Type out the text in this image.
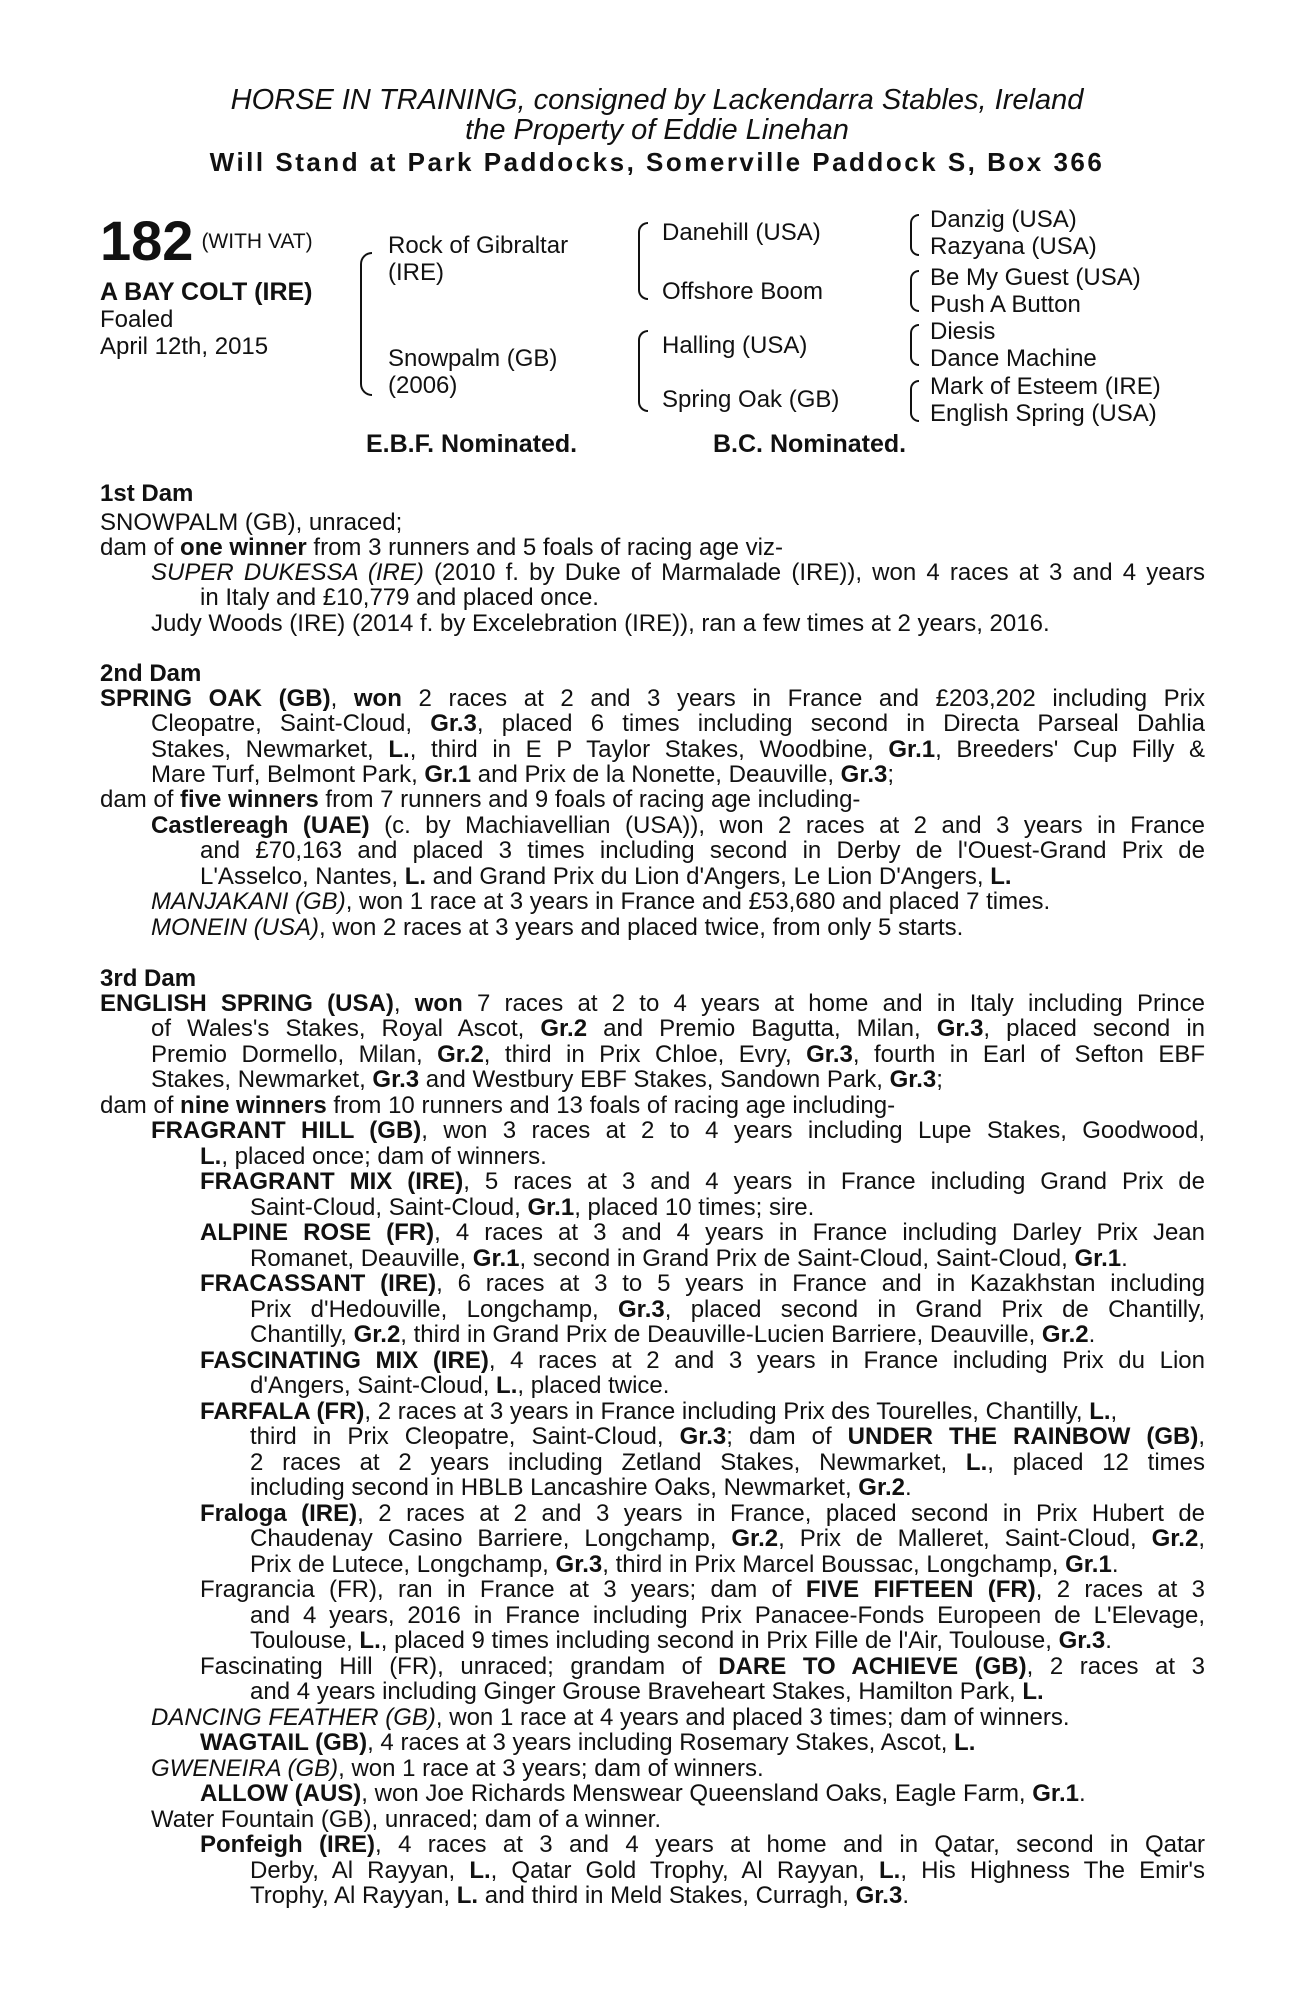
HORSE IN TRAINING, consigned by Lackendarra Stables, Ireland
the Property of Eddie Linehan
Will Stand at Park Paddocks, Somerville Paddock S, Box 366
182 (WITH VAT)
A BAY COLT (IRE)
Foaled
April 12th, 2015
Rock of Gibraltar
(IRE)
Snowpalm (GB)
(2006)
Danehill (USA)
Offshore Boom
Halling (USA)
Spring Oak (GB)
Danzig (USA)
Razyana (USA)
Be My Guest (USA)
Push A Button
Diesis
Dance Machine
Mark of Esteem (IRE)
English Spring (USA)
E.B.F. Nominated.	B.C. Nominated.
1st Dam
SNOWPALM (GB), unraced;
dam of one winner from 3 runners and 5 foals of racing age viz-
SUPER DUKESSA (IRE) (2010 f. by Duke of Marmalade (IRE)), won 4 races at 3 and 4 years
in Italy and £10,779 and placed once.
Judy Woods (IRE) (2014 f. by Excelebration (IRE)), ran a few times at 2 years, 2016.
2nd Dam
SPRING OAK (GB), won 2 races at 2 and 3 years in France and £203,202 including Prix
Cleopatre, Saint-Cloud, Gr.3, placed 6 times including second in Directa Parseal Dahlia
Stakes, Newmarket, L., third in E P Taylor Stakes, Woodbine, Gr.1, Breeders' Cup Filly &
Mare Turf, Belmont Park, Gr.1 and Prix de la Nonette, Deauville, Gr.3;
dam of five winners from 7 runners and 9 foals of racing age including-
Castlereagh (UAE) (c. by Machiavellian (USA)), won 2 races at 2 and 3 years in France
and £70,163 and placed 3 times including second in Derby de l'Ouest-Grand Prix de
L'Asselco, Nantes, L. and Grand Prix du Lion d'Angers, Le Lion D'Angers, L.
MANJAKANI (GB), won 1 race at 3 years in France and £53,680 and placed 7 times.
MONEIN (USA), won 2 races at 3 years and placed twice, from only 5 starts.
3rd Dam
ENGLISH SPRING (USA), won 7 races at 2 to 4 years at home and in Italy including Prince
of Wales's Stakes, Royal Ascot, Gr.2 and Premio Bagutta, Milan, Gr.3, placed second in
Premio Dormello, Milan, Gr.2, third in Prix Chloe, Evry, Gr.3, fourth in Earl of Sefton EBF
Stakes, Newmarket, Gr.3 and Westbury EBF Stakes, Sandown Park, Gr.3;
dam of nine winners from 10 runners and 13 foals of racing age including-
FRAGRANT HILL (GB), won 3 races at 2 to 4 years including Lupe Stakes, Goodwood,
L., placed once; dam of winners.
FRAGRANT MIX (IRE), 5 races at 3 and 4 years in France including Grand Prix de
Saint-Cloud, Saint-Cloud, Gr.1, placed 10 times; sire.
ALPINE ROSE (FR), 4 races at 3 and 4 years in France including Darley Prix Jean
Romanet, Deauville, Gr.1, second in Grand Prix de Saint-Cloud, Saint-Cloud, Gr.1.
FRACASSANT (IRE), 6 races at 3 to 5 years in France and in Kazakhstan including
Prix d'Hedouville, Longchamp, Gr.3, placed second in Grand Prix de Chantilly,
Chantilly, Gr.2, third in Grand Prix de Deauville-Lucien Barriere, Deauville, Gr.2.
FASCINATING MIX (IRE), 4 races at 2 and 3 years in France including Prix du Lion
d'Angers, Saint-Cloud, L., placed twice.
FARFALA (FR), 2 races at 3 years in France including Prix des Tourelles, Chantilly, L.,
third in Prix Cleopatre, Saint-Cloud, Gr.3; dam of UNDER THE RAINBOW (GB),
2 races at 2 years including Zetland Stakes, Newmarket, L., placed 12 times
including second in HBLB Lancashire Oaks, Newmarket, Gr.2.
Fraloga (IRE), 2 races at 2 and 3 years in France, placed second in Prix Hubert de
Chaudenay Casino Barriere, Longchamp, Gr.2, Prix de Malleret, Saint-Cloud, Gr.2,
Prix de Lutece, Longchamp, Gr.3, third in Prix Marcel Boussac, Longchamp, Gr.1.
Fragrancia (FR), ran in France at 3 years; dam of FIVE FIFTEEN (FR), 2 races at 3
and 4 years, 2016 in France including Prix Panacee-Fonds Europeen de L'Elevage,
Toulouse, L., placed 9 times including second in Prix Fille de l'Air, Toulouse, Gr.3.
Fascinating Hill (FR), unraced; grandam of DARE TO ACHIEVE (GB), 2 races at 3
and 4 years including Ginger Grouse Braveheart Stakes, Hamilton Park, L.
DANCING FEATHER (GB), won 1 race at 4 years and placed 3 times; dam of winners.
WAGTAIL (GB), 4 races at 3 years including Rosemary Stakes, Ascot, L.
GWENEIRA (GB), won 1 race at 3 years; dam of winners.
ALLOW (AUS), won Joe Richards Menswear Queensland Oaks, Eagle Farm, Gr.1.
Water Fountain (GB), unraced; dam of a winner.
Ponfeigh (IRE), 4 races at 3 and 4 years at home and in Qatar, second in Qatar
Derby, Al Rayyan, L., Qatar Gold Trophy, Al Rayyan, L., His Highness The Emir's
Trophy, Al Rayyan, L. and third in Meld Stakes, Curragh, Gr.3.
